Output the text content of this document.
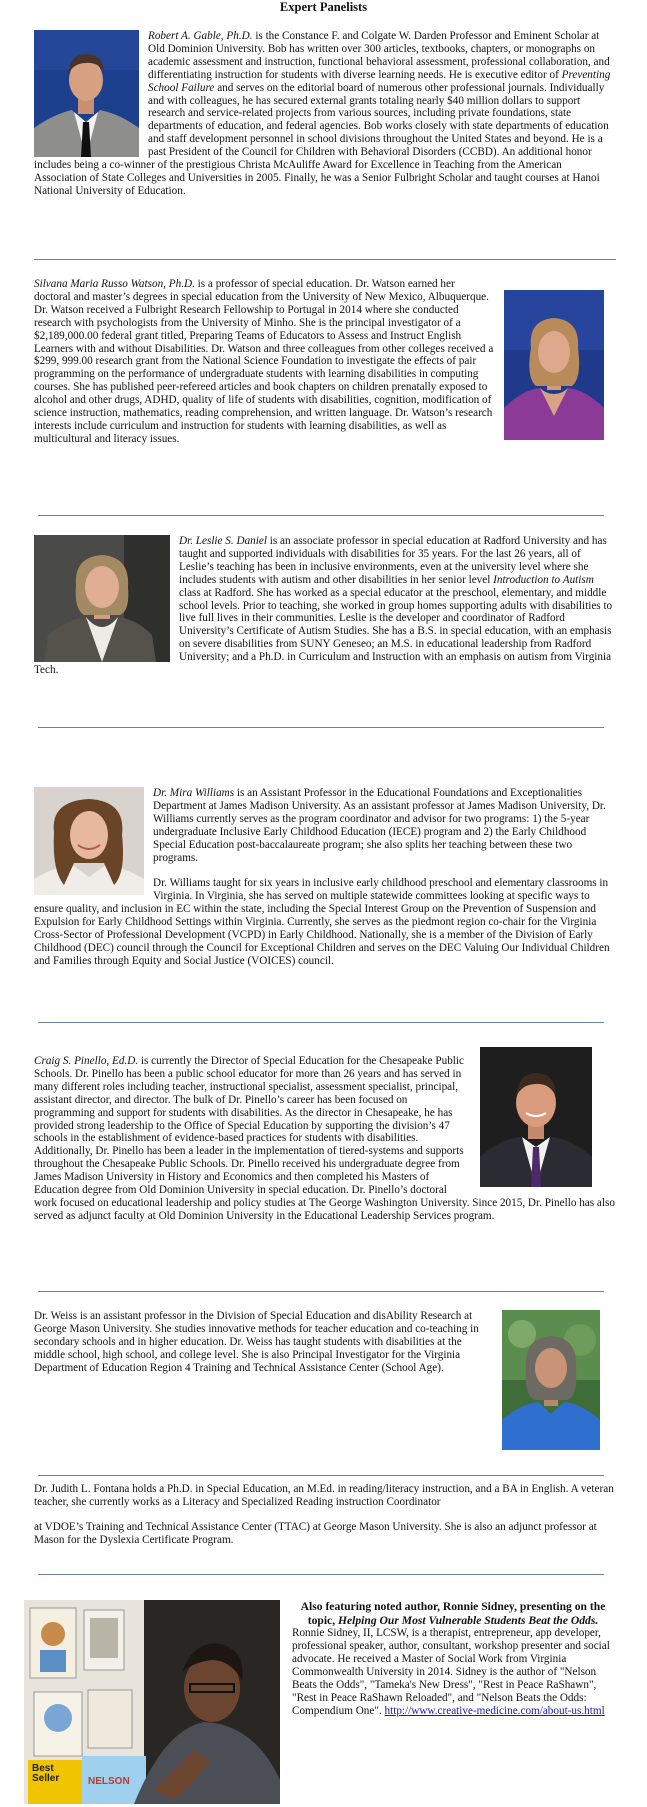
Expert Panelists

Robert A. Gable, Ph.D. is the Constance F. and Colgate W. Darden Professor and Eminent Scholar at Old Dominion University. Bob has written over 300 articles, textbooks, chapters, or monographs on academic assessment and instruction, functional behavioral assessment, professional collaboration, and differentiating instruction for students with diverse learning needs. He is executive editor of Preventing School Failure and serves on the editorial board of numerous other professional journals. Individually and with colleagues, he has secured external grants totaling nearly $40 million dollars to support research and service-related projects from various sources, including private foundations, state departments of education, and federal agencies. Bob works closely with state departments of education and staff development personnel in school divisions throughout the United States and beyond. He is a past President of the Council for Children with Behavioral Disorders (CCBD). An additional honor includes being a co-winner of the prestigious Christa McAuliffe Award for Excellence in Teaching from the American Association of State Colleges and Universities in 2005. Finally, he was a Senior Fulbright Scholar and taught courses at Hanoi National University of Education.

Silvana Maria Russo Watson, Ph.D. is a professor of special education. Dr. Watson earned her doctoral and master’s degrees in special education from the University of New Mexico, Albuquerque. Dr. Watson received a Fulbright Research Fellowship to Portugal in 2014 where she conducted research with psychologists from the University of Minho. She is the principal investigator of a $2,189,000.00 federal grant titled, Preparing Teams of Educators to Assess and Instruct English Learners with and without Disabilities. Dr. Watson and three colleagues from other colleges received a $299, 999.00 research grant from the National Science Foundation to investigate the effects of pair programming on the performance of undergraduate students with learning disabilities in computing courses. She has published peer-refereed articles and book chapters on children prenatally exposed to alcohol and other drugs, ADHD, quality of life of students with disabilities, cognition, modification of science instruction, mathematics, reading comprehension, and written language. Dr. Watson’s research interests include curriculum and instruction for students with learning disabilities, as well as multicultural and literacy issues.

Dr. Leslie S. Daniel is an associate professor in special education at Radford University and has taught and supported individuals with disabilities for 35 years. For the last 26 years, all of Leslie’s teaching has been in inclusive environments, even at the university level where she includes students with autism and other disabilities in her senior level Introduction to Autism class at Radford. She has worked as a special educator at the preschool, elementary, and middle school levels. Prior to teaching, she worked in group homes supporting adults with disabilities to live full lives in their communities. Leslie is the developer and coordinator of Radford University’s Certificate of Autism Studies. She has a B.S. in special education, with an emphasis on severe disabilities from SUNY Geneseo; an M.S. in educational leadership from Radford University; and a Ph.D. in Curriculum and Instruction with an emphasis on autism from Virginia Tech.

Dr. Mira Williams is an Assistant Professor in the Educational Foundations and Exceptionalities Department at James Madison University. As an assistant professor at James Madison University, Dr. Williams currently serves as the program coordinator and advisor for two programs: 1) the 5-year undergraduate Inclusive Early Childhood Education (IECE) program and 2) the Early Childhood Special Education post-baccalaureate program; she also splits her teaching between these two programs.

Dr. Williams taught for six years in inclusive early childhood preschool and elementary classrooms in Virginia. In Virginia, she has served on multiple statewide committees looking at specific ways to ensure quality, and inclusion in EC within the state, including the Special Interest Group on the Prevention of Suspension and Expulsion for Early Childhood Settings within Virginia. Currently, she serves as the piedmont region co-chair for the Virginia Cross-Sector of Professional Development (VCPD) in Early Childhood. Nationally, she is a member of the Division of Early Childhood (DEC) council through the Council for Exceptional Children and serves on the DEC Valuing Our Individual Children and Families through Equity and Social Justice (VOICES) council.

Craig S. Pinello, Ed.D. is currently the Director of Special Education for the Chesapeake Public Schools. Dr. Pinello has been a public school educator for more than 26 years and has served in many different roles including teacher, instructional specialist, assessment specialist, principal, assistant director, and director. The bulk of Dr. Pinello’s career has been focused on programming and support for students with disabilities. As the director in Chesapeake, he has provided strong leadership to the Office of Special Education by supporting the division’s 47 schools in the establishment of evidence-based practices for students with disabilities. Additionally, Dr. Pinello has been a leader in the implementation of tiered-systems and supports throughout the Chesapeake Public Schools. Dr. Pinello received his undergraduate degree from James Madison University in History and Economics and then completed his Masters of Education degree from Old Dominion University in special education. Dr. Pinello’s doctoral work focused on educational leadership and policy studies at The George Washington University. Since 2015, Dr. Pinello has also served as adjunct faculty at Old Dominion University in the Educational Leadership Services program.

Dr. Weiss is an assistant professor in the Division of Special Education and disAbility Research at George Mason University. She studies innovative methods for teacher education and co-teaching in secondary schools and in higher education. Dr. Weiss has taught students with disabilities at the middle school, high school, and college level. She is also Principal Investigator for the Virginia Department of Education Region 4 Training and Technical Assistance Center (School Age).

Dr. Judith L. Fontana holds a Ph.D. in Special Education, an M.Ed. in reading/literacy instruction, and a BA in English. A veteran teacher, she currently works as a Literacy and Specialized Reading instruction Coordinator

at VDOE’s Training and Technical Assistance Center (TTAC) at George Mason University. She is also an adjunct professor at Mason for the Dyslexia Certificate Program.

Best Seller	NELSON

Also featuring noted author, Ronnie Sidney, presenting on the topic, Helping Our Most Vulnerable Students Beat the Odds.

Ronnie Sidney, II, LCSW, is a therapist, entrepreneur, app developer, professional speaker, author, consultant, workshop presenter and social advocate. He received a Master of Social Work from Virginia Commonwealth University in 2014. Sidney is the author of "Nelson Beats the Odds", "Tameka's New Dress", "Rest in Peace RaShawn", "Rest in Peace RaShawn Reloaded", and "Nelson Beats the Odds: Compendium One". http://www.creative-medicine.com/about-us.html
